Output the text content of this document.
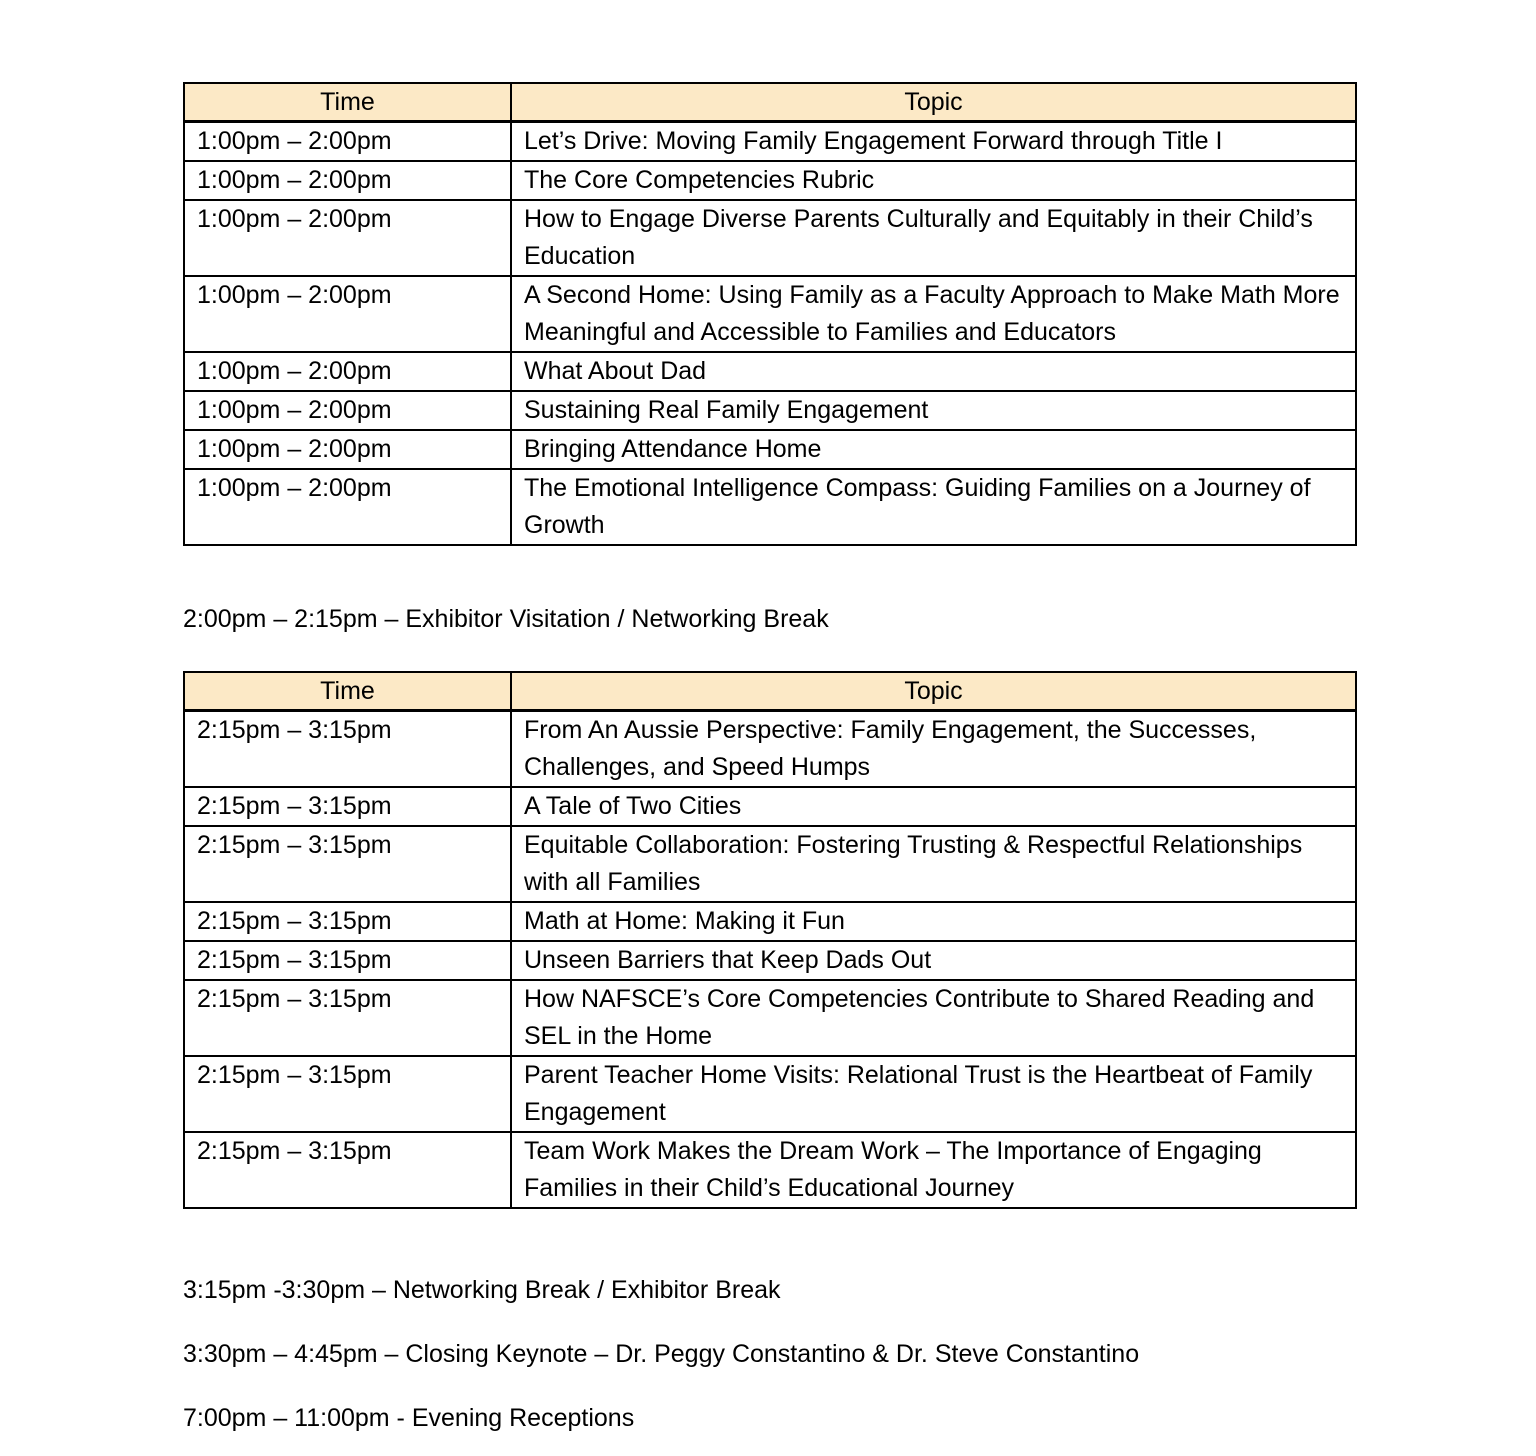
Time	Topic
1:00pm – 2:00pm	Let’s Drive: Moving Family Engagement Forward through Title I
1:00pm – 2:00pm	The Core Competencies Rubric
1:00pm – 2:00pm	How to Engage Diverse Parents Culturally and Equitably in their Child’s Education
1:00pm – 2:00pm	A Second Home: Using Family as a Faculty Approach to Make Math More Meaningful and Accessible to Families and Educators
1:00pm – 2:00pm	What About Dad
1:00pm – 2:00pm	Sustaining Real Family Engagement
1:00pm – 2:00pm	Bringing Attendance Home
1:00pm – 2:00pm	The Emotional Intelligence Compass: Guiding Families on a Journey of Growth

2:00pm – 2:15pm – Exhibitor Visitation / Networking Break

Time	Topic
2:15pm – 3:15pm	From An Aussie Perspective: Family Engagement, the Successes, Challenges, and Speed Humps
2:15pm – 3:15pm	A Tale of Two Cities
2:15pm – 3:15pm	Equitable Collaboration: Fostering Trusting & Respectful Relationships with all Families
2:15pm – 3:15pm	Math at Home: Making it Fun
2:15pm – 3:15pm	Unseen Barriers that Keep Dads Out
2:15pm – 3:15pm	How NAFSCE’s Core Competencies Contribute to Shared Reading and SEL in the Home
2:15pm – 3:15pm	Parent Teacher Home Visits: Relational Trust is the Heartbeat of Family Engagement
2:15pm – 3:15pm	Team Work Makes the Dream Work – The Importance of Engaging Families in their Child’s Educational Journey

3:15pm -3:30pm – Networking Break / Exhibitor Break

3:30pm – 4:45pm – Closing Keynote – Dr. Peggy Constantino & Dr. Steve Constantino

7:00pm – 11:00pm - Evening Receptions
